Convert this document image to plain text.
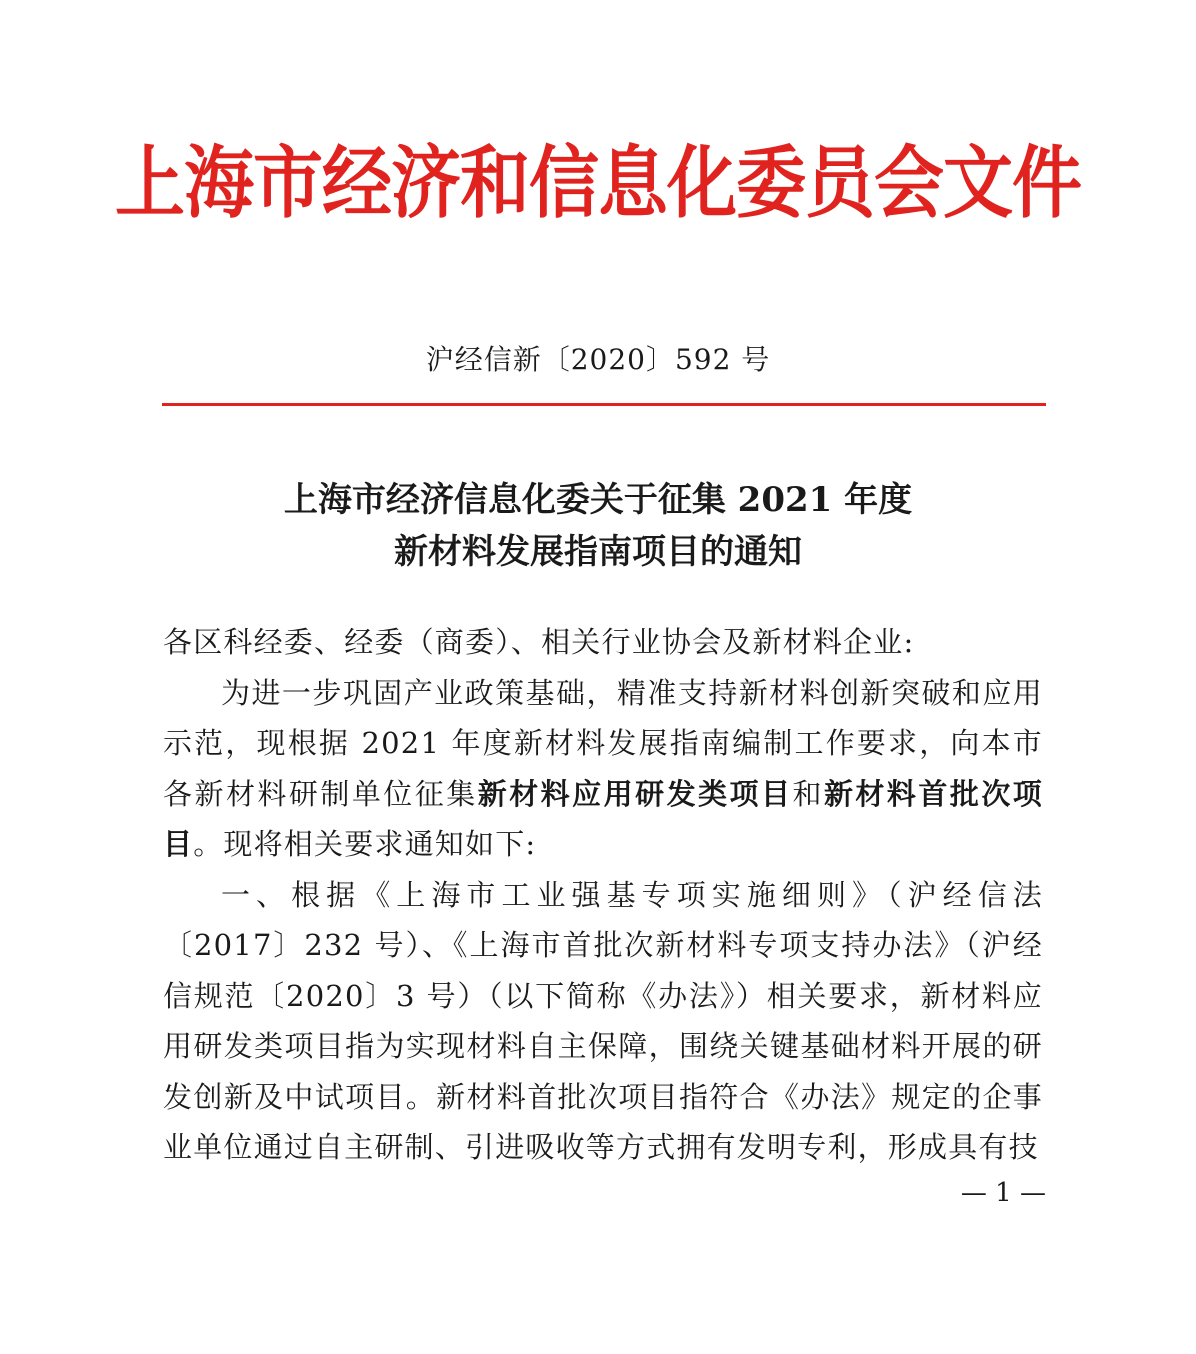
上海市经济和信息化委员会文件
沪经信新〔2020〕592 号
上海市经济信息化委关于征集 2021 年度
新材料发展指南项目的通知

各区科经委、经委（商委）、相关行业协会及新材料企业:

为进一步巩固产业政策基础，精准支持新材料创新突破和应用示范，现根据 2021 年度新材料发展指南编制工作要求，向本市各新材料研制单位征集新材料应用研发类项目和新材料首批次项目。现将相关要求通知如下:

一、根据《上海市工业强基专项实施细则》（沪经信法〔2017〕232 号）、《上海市首批次新材料专项支持办法》（沪经信规范〔2020〕3 号）（以下简称《办法》）相关要求，新材料应用研发类项目指为实现材料自主保障，围绕关键基础材料开展的研发创新及中试项目。新材料首批次项目指符合《办法》规定的企事业单位通过自主研制、引进吸收等方式拥有发明专利，形成具有技

— 1 —
